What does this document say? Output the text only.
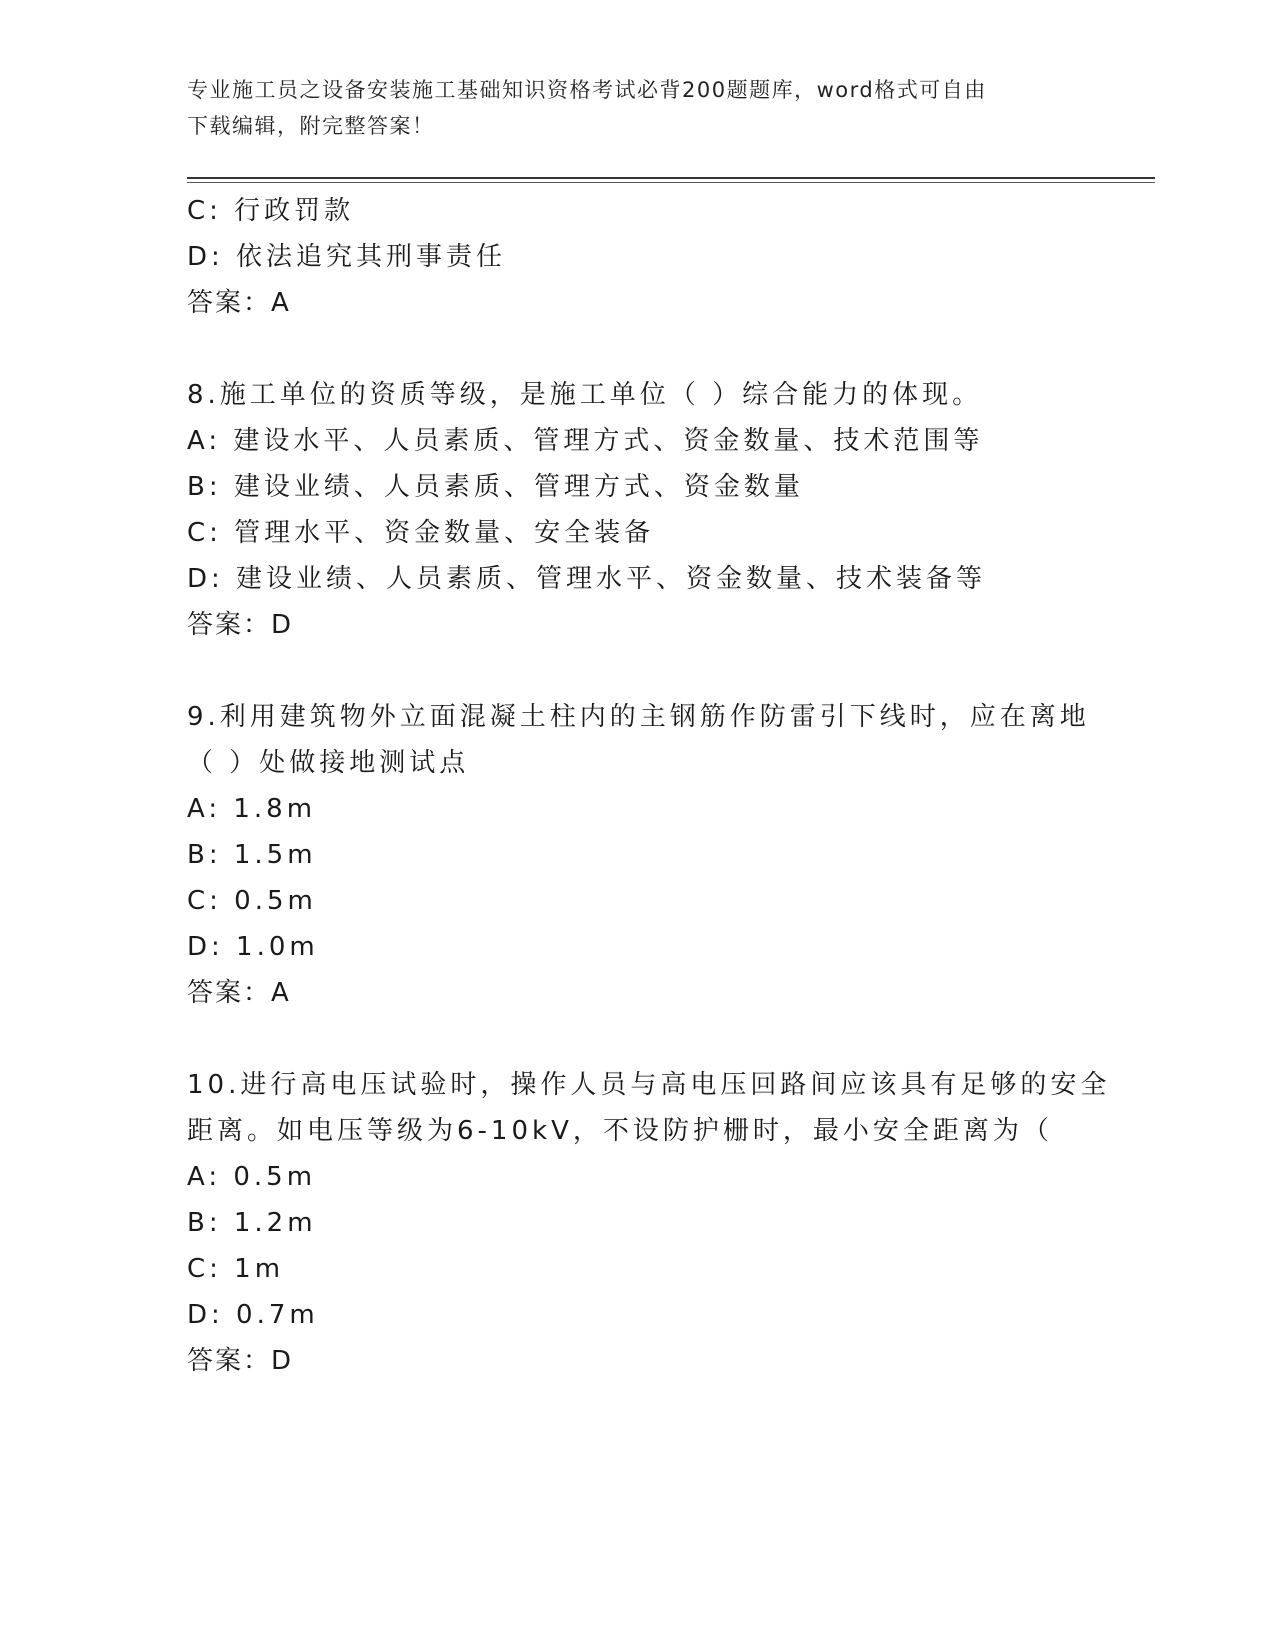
专业施工员之设备安装施工基础知识资格考试必背200题题库，word格式可自由
下载编辑，附完整答案！
C: 行政罚款
D: 依法追究其刑事责任
答案：A
8.施工单位的资质等级，是施工单位（ ）综合能力的体现。
A: 建设水平、人员素质、管理方式、资金数量、技术范围等
B: 建设业绩、人员素质、管理方式、资金数量
C: 管理水平、资金数量、安全装备
D: 建设业绩、人员素质、管理水平、资金数量、技术装备等
答案：D
9.利用建筑物外立面混凝土柱内的主钢筋作防雷引下线时，应在离地
（ ）处做接地测试点
A: 1.8m
B: 1.5m
C: 0.5m
D: 1.0m
答案：A
10.进行高电压试验时，操作人员与高电压回路间应该具有足够的安全
距离。如电压等级为6-10kV，不设防护栅时，最小安全距离为（
A: 0.5m
B: 1.2m
C: 1m
D: 0.7m
答案：D
